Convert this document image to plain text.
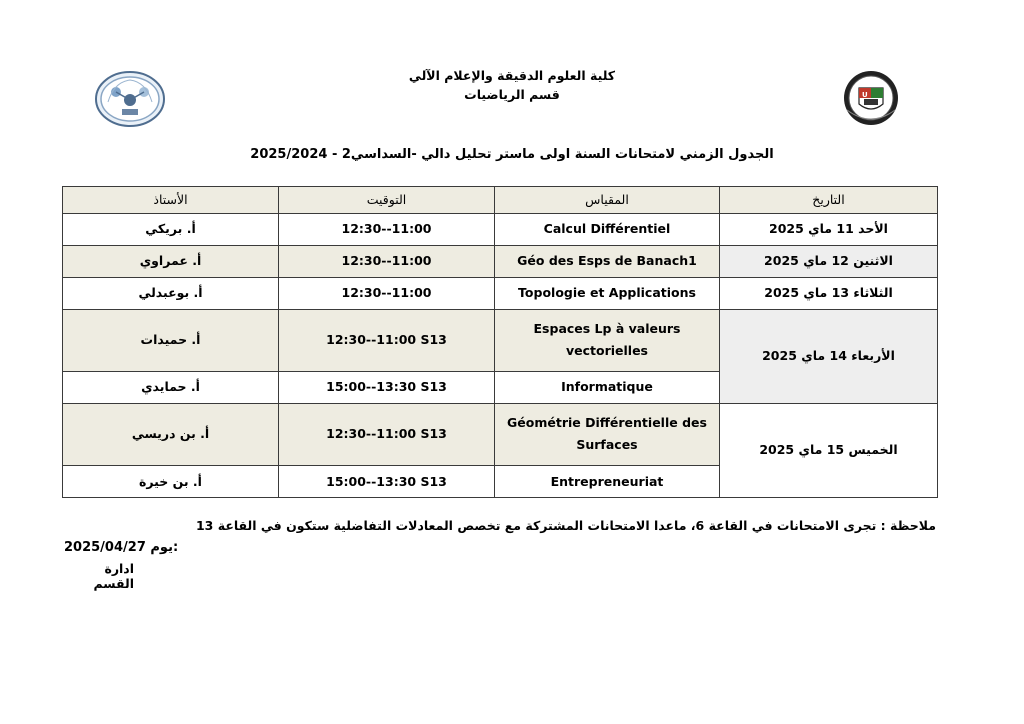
U
كلية العلوم الدقيقة والإعلام الآلي
قسم الرياضيات
الجدول الزمني لامتحانات السنة اولى ماستر تحليل دالي -السداسي2 - 2025/2024
التاريخ	المقياس	التوقيت	الأستاذ
الأحد 11 ماي 2025	Calcul Différentiel	12:30--11:00	أ. بريكي
الاثنين 12 ماي 2025	Géo des Esps de Banach1	12:30--11:00	أ. عمراوي
الثلاثاء 13 ماي 2025	Topologie et Applications	12:30--11:00	أ. بوعبدلي
الأربعاء 14 ماي 2025	Espaces Lp à valeurs vectorielles	12:30--11:00 S13	أ. حميدات
	Informatique	15:00--13:30 S13	أ. حمايدي
الخميس 15 ماي 2025	Géométrie Différentielle des Surfaces	12:30--11:00 S13	أ. بن دريسي
	Entrepreneuriat	15:00--13:30 S13	أ. بن خيرة
ملاحظة : تجرى الامتحانات في القاعة 6، ماعدا الامتحانات المشتركة مع تخصص المعادلات التفاضلية ستكون في القاعة 13
2025/04/27 يوم:
ادارة القسم
